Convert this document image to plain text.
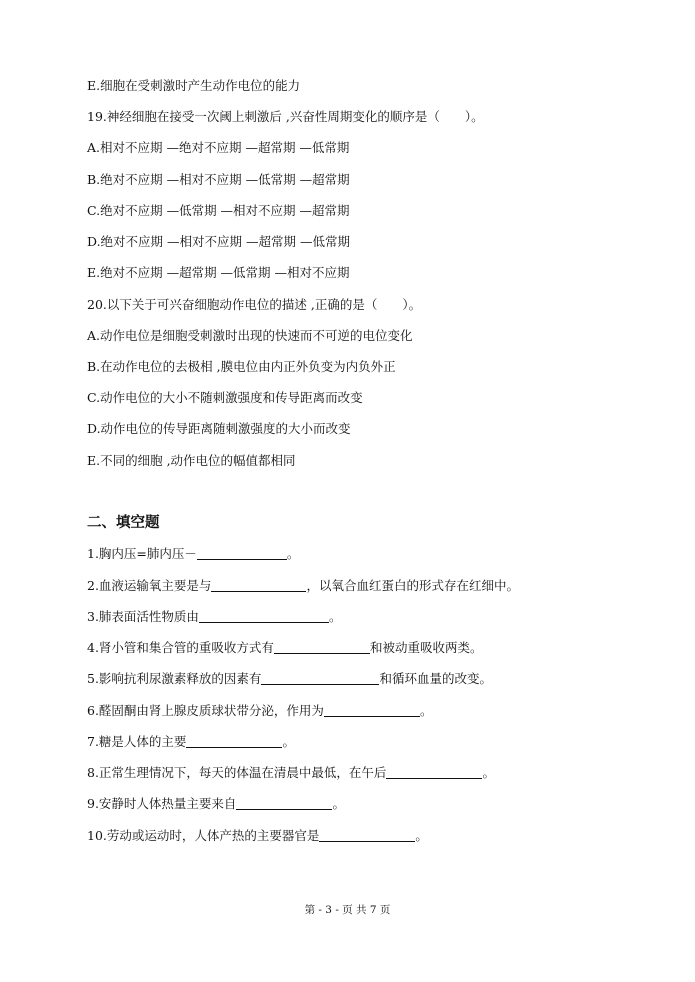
E.细胞在受刺激时产生动作电位的能力
19.神经细胞在接受一次阈上刺激后 ,兴奋性周期变化的顺序是（　　）。
A.相对不应期 —绝对不应期 —超常期 —低常期
B.绝对不应期 —相对不应期 —低常期 —超常期
C.绝对不应期 —低常期 —相对不应期 —超常期
D.绝对不应期 —相对不应期 —超常期 —低常期
E.绝对不应期 —超常期 —低常期 —相对不应期
20.以下关于可兴奋细胞动作电位的描述 ,正确的是（　　）。
A.动作电位是细胞受刺激时出现的快速而不可逆的电位变化
B.在动作电位的去极相 ,膜电位由内正外负变为内负外正
C.动作电位的大小不随刺激强度和传导距离而改变
D.动作电位的传导距离随刺激强度的大小而改变
E.不同的细胞 ,动作电位的幅值都相同
二、填空题
1.胸内压=肺内压－	。
2.血液运输氧主要是与	，以氧合血红蛋白的形式存在红细中。
3.肺表面活性物质由	。
4.肾小管和集合管的重吸收方式有	和被动重吸收两类。
5.影响抗利尿激素释放的因素有	和循环血量的改变。
6.醛固酮由肾上腺皮质球状带分泌，作用为	。
7.糖是人体的主要	。
8.正常生理情况下，每天的体温在清晨中最低，在午后	。
9.安静时人体热量主要来自	。
10.劳动或运动时，人体产热的主要器官是	。
第 - 3 - 页 共 7 页
